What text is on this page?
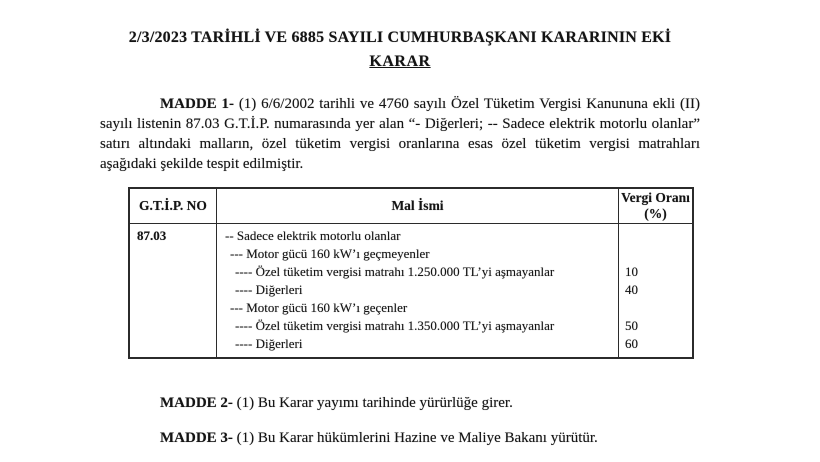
2/3/2023 TARİHLİ VE 6885 SAYILI CUMHURBAŞKANI KARARININ EKİ
KARAR

MADDE 1- (1) 6/6/2002 tarihli ve 4760 sayılı Özel Tüketim Vergisi Kanununa ekli (II) sayılı listenin 87.03 G.T.İ.P. numarasında yer alan “- Diğerleri; -- Sadece elektrik motorlu olanlar” satırı altındaki malların, özel tüketim vergisi oranlarına esas özel tüketim vergisi matrahları aşağıdaki şekilde tespit edilmiştir.

G.T.İ.P. NO	Mal İsmi
Vergi Oranı
(%)
87.03	-- Sadece elektrik motorlu olanlar
--- Motor gücü 160 kW’ı geçmeyenler
---- Özel tüketim vergisi matrahı 1.250.000 TL’yi aşmayanlar
---- Diğerleri
--- Motor gücü 160 kW’ı geçenler
---- Özel tüketim vergisi matrahı 1.350.000 TL’yi aşmayanlar
---- Diğerleri
10
40
50
60

MADDE 2- (1) Bu Karar yayımı tarihinde yürürlüğe girer.

MADDE 3- (1) Bu Karar hükümlerini Hazine ve Maliye Bakanı yürütür.
